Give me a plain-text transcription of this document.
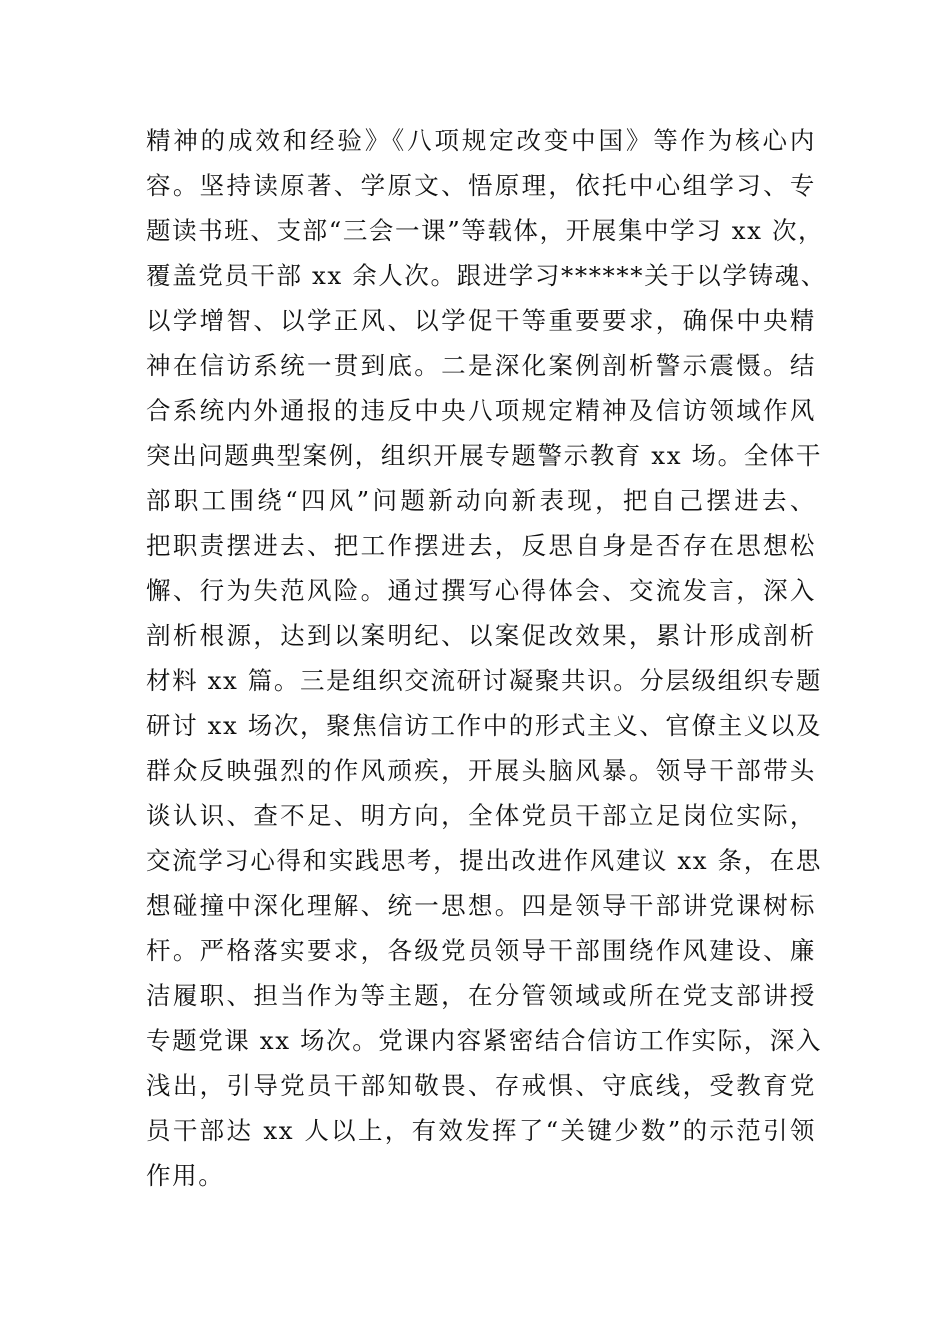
精神的成效和经验》《八项规定改变中国》等作为核心内
容。坚持读原著、学原文、悟原理，依托中心组学习、专
题读书班、支部“三会一课”等载体，开展集中学习 xx 次，
覆盖党员干部 xx 余人次。跟进学习******关于以学铸魂、
以学增智、以学正风、以学促干等重要要求，确保中央精
神在信访系统一贯到底。二是深化案例剖析警示震慑。结
合系统内外通报的违反中央八项规定精神及信访领域作风
突出问题典型案例，组织开展专题警示教育 xx 场。全体干
部职工围绕“四风”问题新动向新表现，把自己摆进去、
把职责摆进去、把工作摆进去，反思自身是否存在思想松
懈、行为失范风险。通过撰写心得体会、交流发言，深入
剖析根源，达到以案明纪、以案促改效果，累计形成剖析
材料 xx 篇。三是组织交流研讨凝聚共识。分层级组织专题
研讨 xx 场次，聚焦信访工作中的形式主义、官僚主义以及
群众反映强烈的作风顽疾，开展头脑风暴。领导干部带头
谈认识、查不足、明方向，全体党员干部立足岗位实际，
交流学习心得和实践思考，提出改进作风建议 xx 条，在思
想碰撞中深化理解、统一思想。四是领导干部讲党课树标
杆。严格落实要求，各级党员领导干部围绕作风建设、廉
洁履职、担当作为等主题，在分管领域或所在党支部讲授
专题党课 xx 场次。党课内容紧密结合信访工作实际，深入
浅出，引导党员干部知敬畏、存戒惧、守底线，受教育党
员干部达 xx 人以上，有效发挥了“关键少数”的示范引领
作用。
